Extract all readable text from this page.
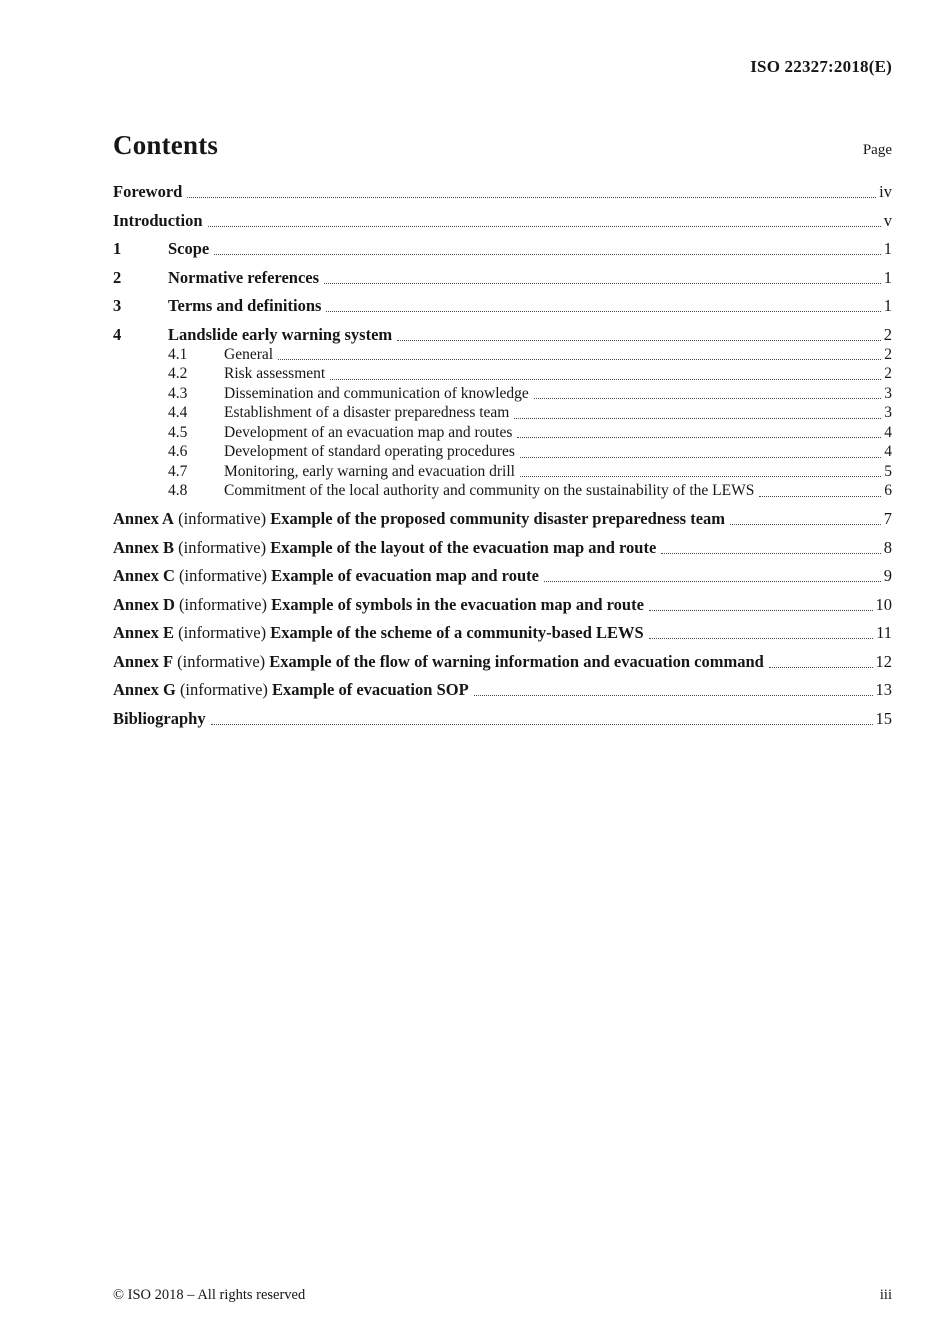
ISO 22327:2018(E)
Contents	Page
Foreword	iv
Introduction	v
1	Scope	1
2	Normative references	1
3	Terms and definitions	1
4	Landslide early warning system	2
4.1	General	2
4.2	Risk assessment	2
4.3	Dissemination and communication of knowledge	3
4.4	Establishment of a disaster preparedness team	3
4.5	Development of an evacuation map and routes	4
4.6	Development of standard operating procedures	4
4.7	Monitoring, early warning and evacuation drill	5
4.8	Commitment of the local authority and community on the sustainability of the LEWS	6
Annex A (informative) Example of the proposed community disaster preparedness team	7
Annex B (informative) Example of the layout of the evacuation map and route	8
Annex C (informative) Example of evacuation map and route	9
Annex D (informative) Example of symbols in the evacuation map and route	10
Annex E (informative) Example of the scheme of a community-based LEWS	11
Annex F (informative) Example of the flow of warning information and evacuation command	12
Annex G (informative) Example of evacuation SOP	13
Bibliography	15
© ISO 2018 – All rights reserved	iii
